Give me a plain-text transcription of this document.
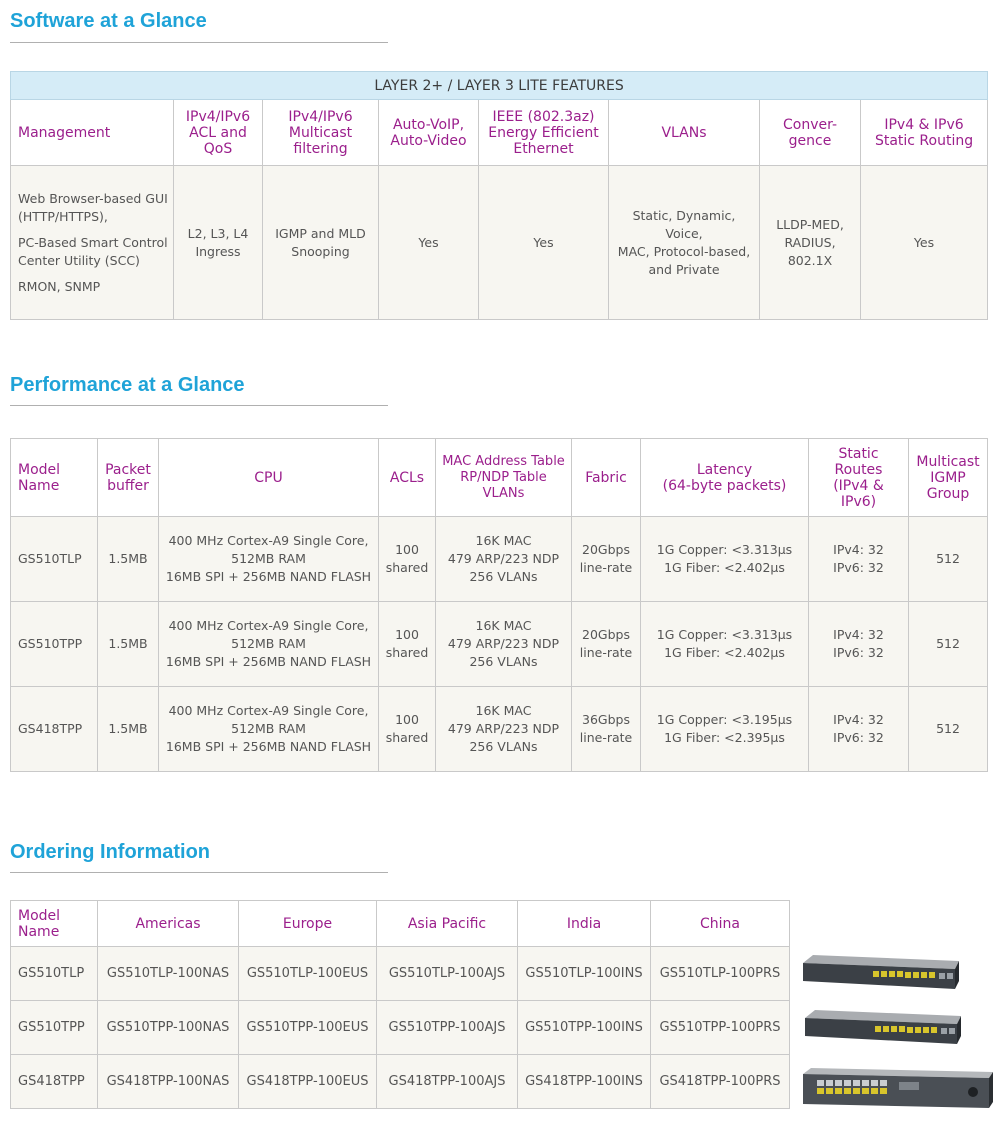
Software at a Glance
LAYER 2+ / LAYER 3 LITE FEATURES							

Management	IPv4/IPv6
ACL and
QoS	IPv4/IPv6
Multicast
filtering	Auto-VoIP,
Auto-Video	IEEE (802.3az)
Energy Efficient
Ethernet	VLANs	Conver-
gence	IPv4 & IPv6
Static Routing

Web Browser-based GUI (HTTP/HTTPS),
PC-Based Smart Control Center Utility (SCC)
RMON, SNMP	L2, L3, L4
Ingress	IGMP and MLD
Snooping	Yes	Yes	Static, Dynamic, Voice,
MAC, Protocol-based,
and Private	LLDP-MED,
RADIUS,
802.1X	Yes
Performance at a Glance
Model
Name	Packet
buffer	CPU	ACLs	MAC Address Table
RP/NDP Table
VLANs	Fabric	Latency
(64-byte packets)	Static
Routes
(IPv4 &
IPv6)	Multicast
IGMP
Group

GS510TLP	1.5MB	400 MHz Cortex-A9 Single Core,
512MB RAM
16MB SPI + 256MB NAND FLASH	100
shared	16K MAC
479 ARP/223 NDP
256 VLANs	20Gbps
line-rate	1G Copper: <3.313μs
1G Fiber: <2.402μs	IPv4: 32
IPv6: 32	512

GS510TPP	1.5MB	400 MHz Cortex-A9 Single Core,
512MB RAM
16MB SPI + 256MB NAND FLASH	100
shared	16K MAC
479 ARP/223 NDP
256 VLANs	20Gbps
line-rate	1G Copper: <3.313μs
1G Fiber: <2.402μs	IPv4: 32
IPv6: 32	512

GS418TPP	1.5MB	400 MHz Cortex-A9 Single Core,
512MB RAM
16MB SPI + 256MB NAND FLASH	100
shared	16K MAC
479 ARP/223 NDP
256 VLANs	36Gbps
line-rate	1G Copper: <3.195μs
1G Fiber: <2.395μs	IPv4: 32
IPv6: 32	512
Ordering Information
Model
Name	Americas	Europe	Asia Pacific	India	China

GS510TLP	GS510TLP-100NAS	GS510TLP-100EUS	GS510TLP-100AJS	GS510TLP-100INS	GS510TLP-100PRS
GS510TPP	GS510TPP-100NAS	GS510TPP-100EUS	GS510TPP-100AJS	GS510TPP-100INS	GS510TPP-100PRS
GS418TPP	GS418TPP-100NAS	GS418TPP-100EUS	GS418TPP-100AJS	GS418TPP-100INS	GS418TPP-100PRS
